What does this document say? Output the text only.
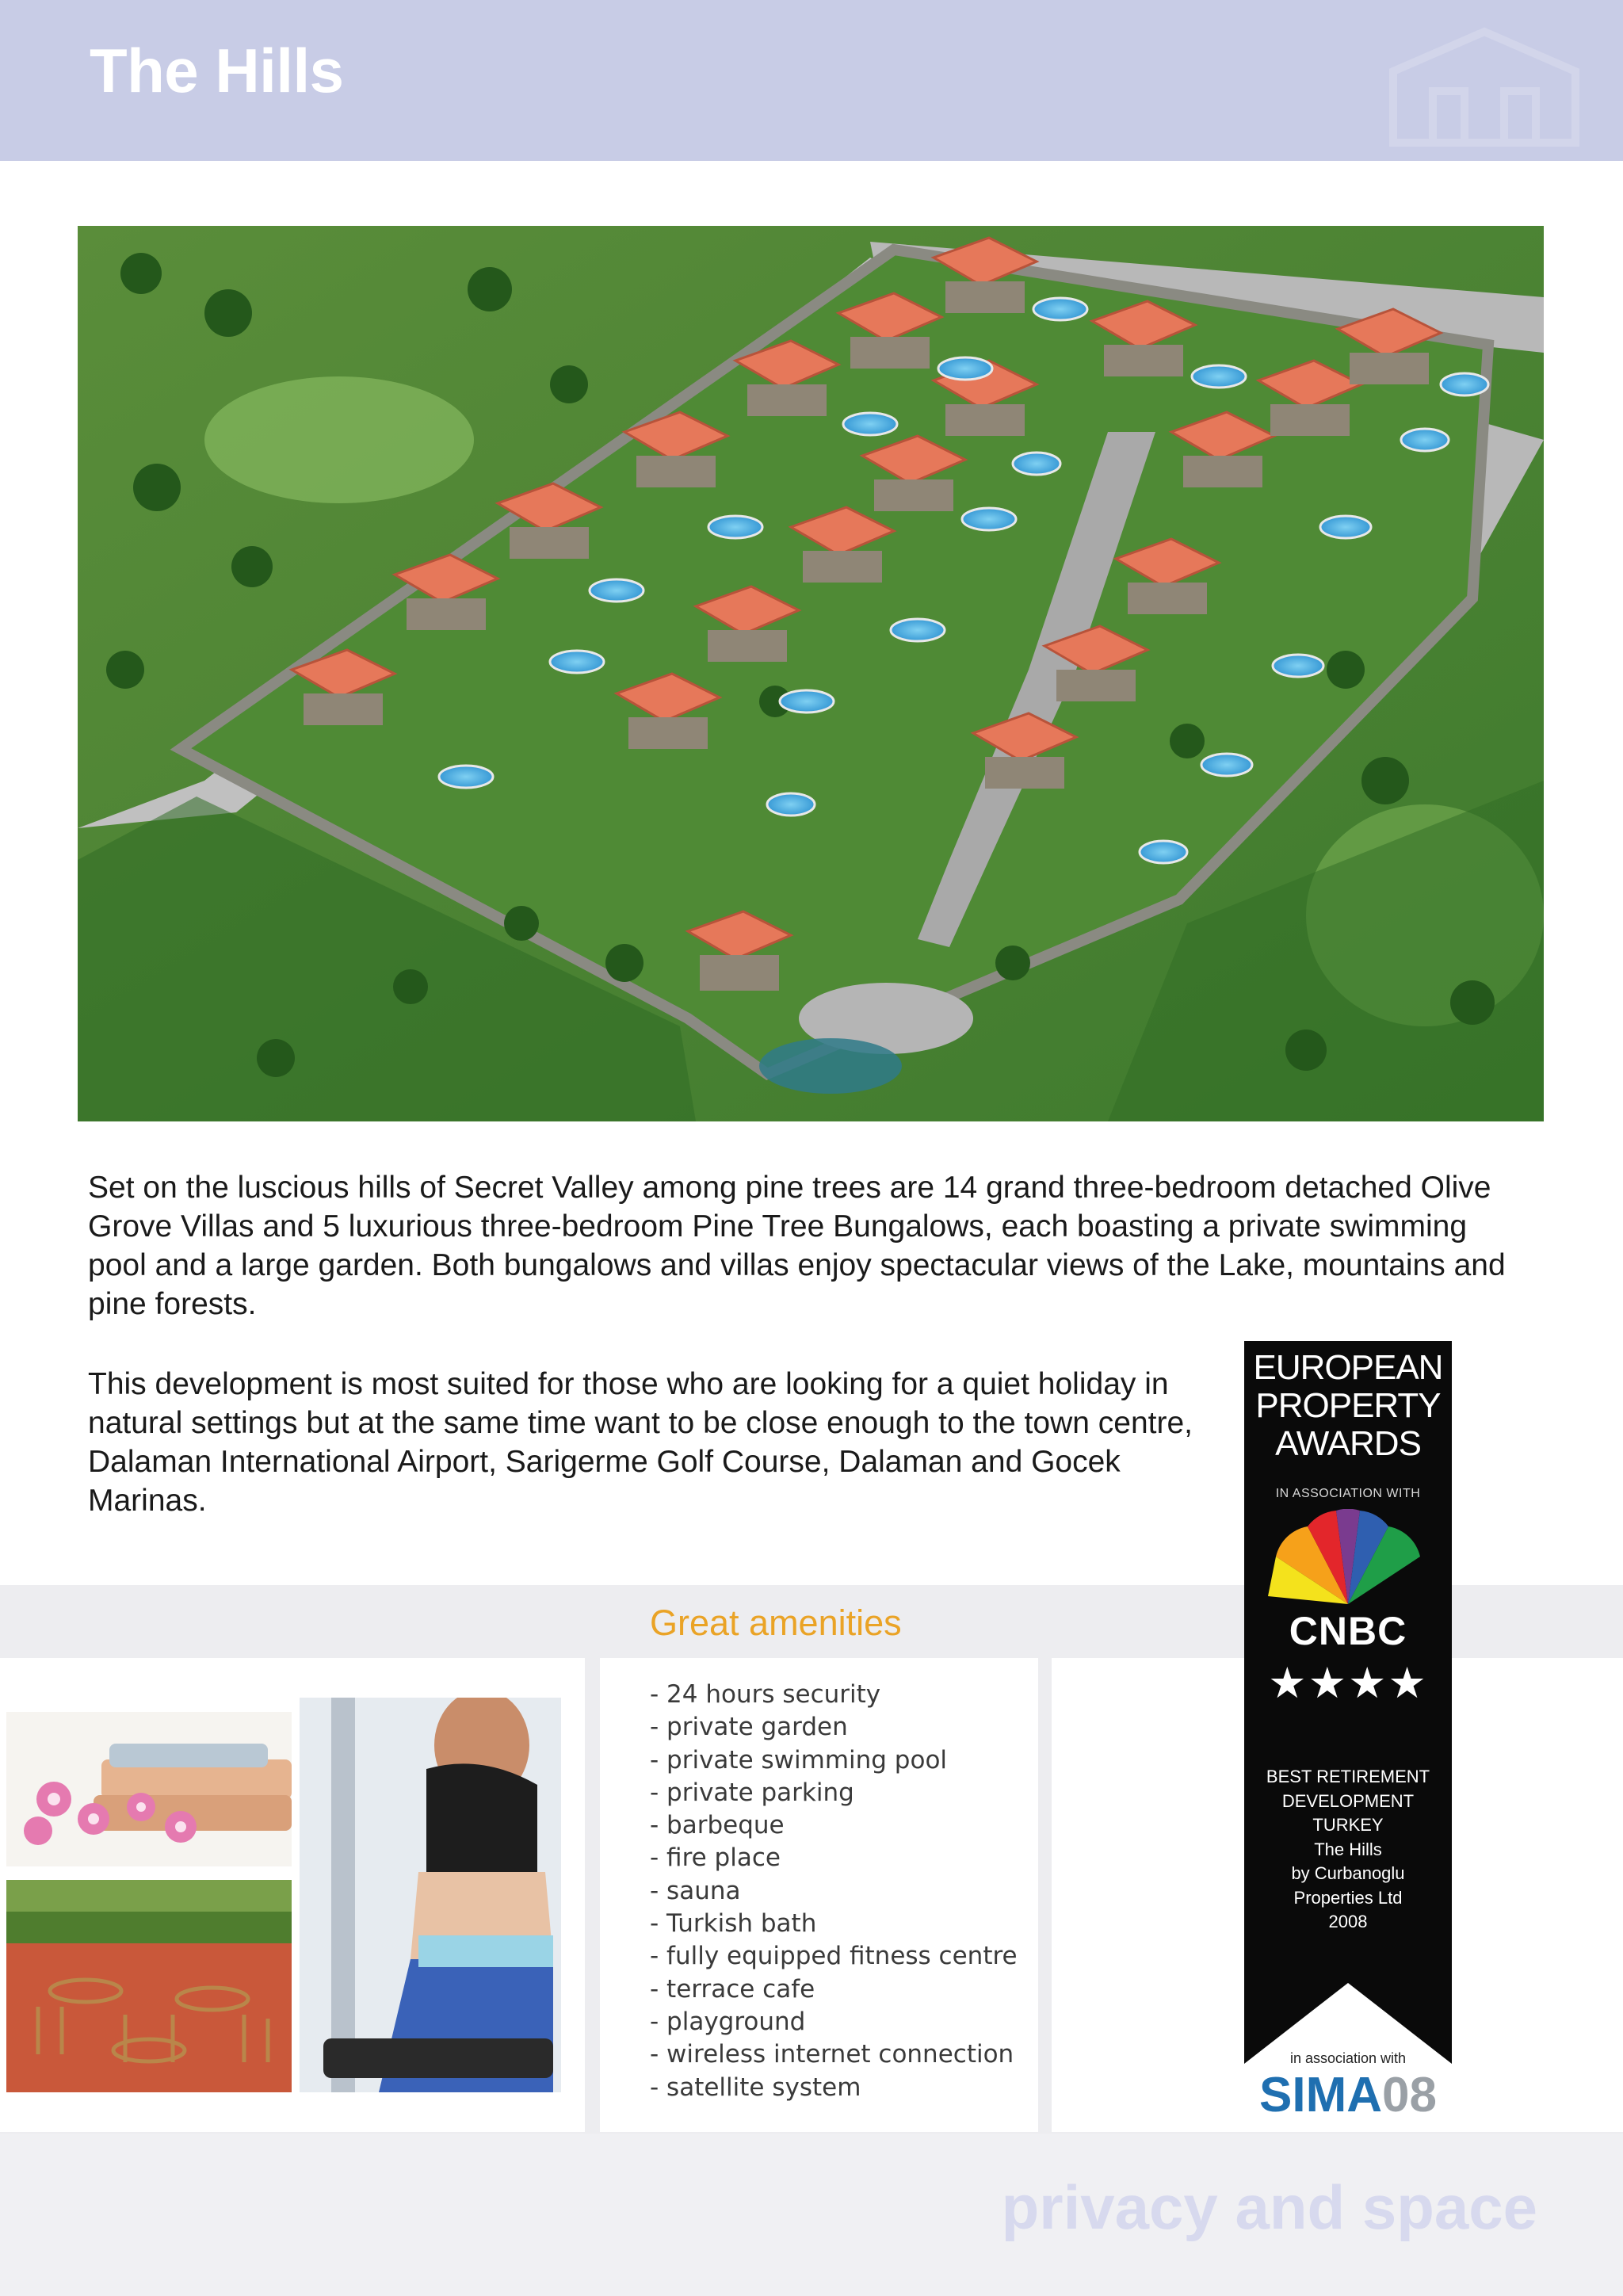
The Hills
Set on the luscious hills of Secret Valley among pine trees are 14 grand three-bedroom detached Olive Grove Villas and 5 luxurious three-bedroom Pine Tree Bungalows, each boasting a private swimming pool and a large garden. Both bungalows and villas enjoy spectacular views of the Lake, mountains and pine forests.
This development is most suited for those who are looking for a quiet holiday in natural settings but at the same time want to be close enough to the town centre, Dalaman International Airport, Sarigerme Golf Course, Dalaman and Gocek Marinas.
Great amenities
- 24 hours security
- private garden
- private swimming pool
- private parking
- barbeque
- fire place
- sauna
- Turkish bath
- fully equipped fitness centre
- terrace cafe
- playground
- wireless internet connection
- satellite system
EUROPEAN
PROPERTY
AWARDS
IN ASSOCIATION WITH
CNBC
★★★★
BEST RETIREMENT
DEVELOPMENT
TURKEY
The Hills
by Curbanoglu
Properties Ltd
2008
in association with
SIMA08
privacy and space
